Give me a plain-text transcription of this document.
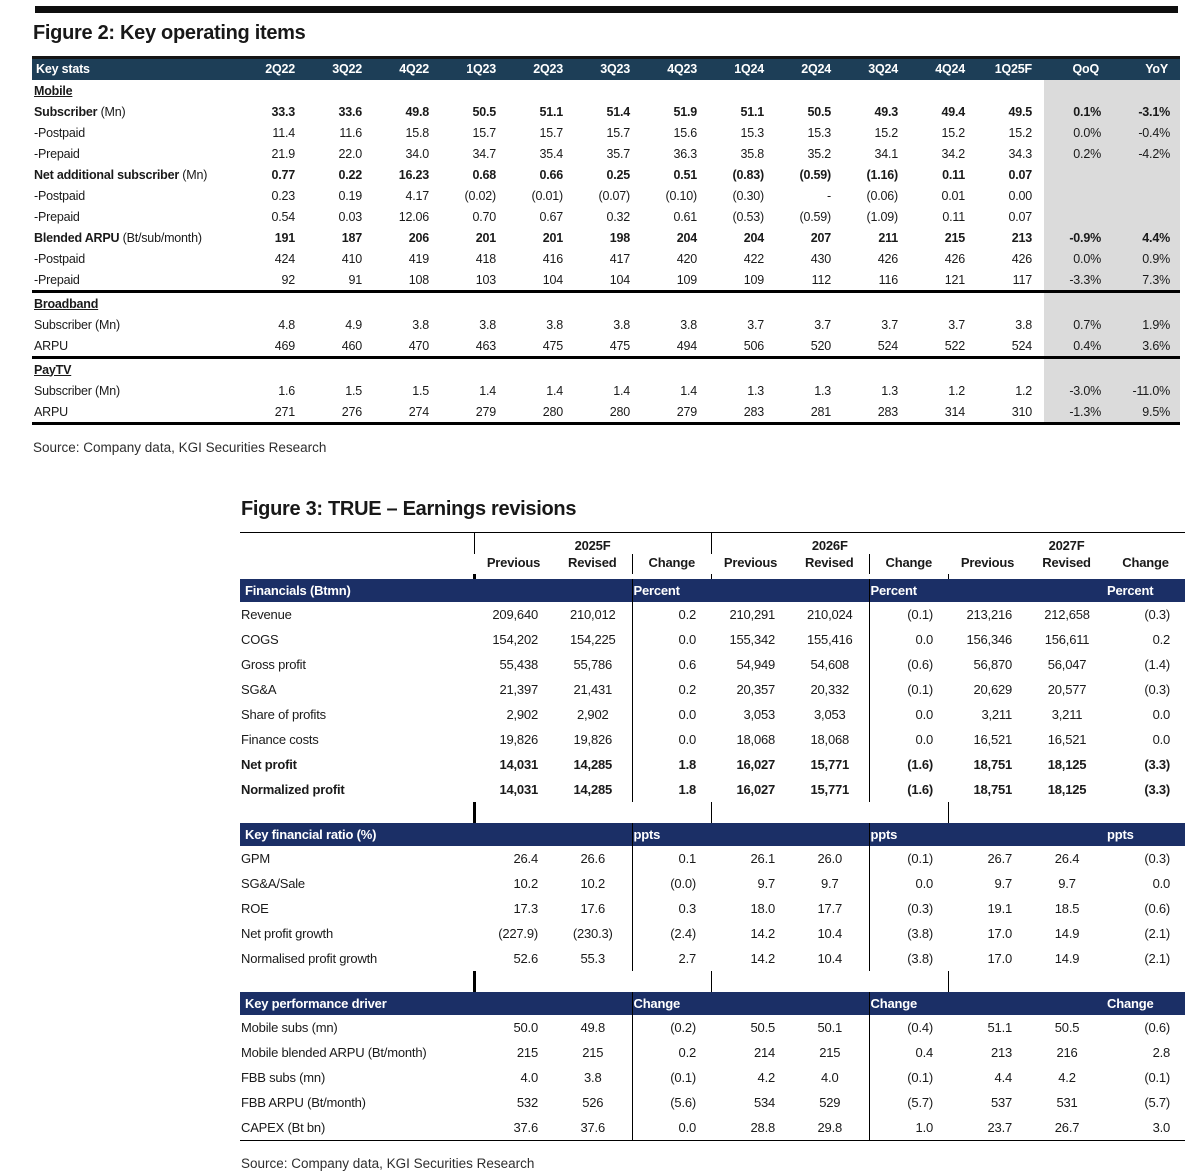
Figure 2: Key operating items
Key stats	2Q22	3Q22	4Q22	1Q23	2Q23	3Q23	4Q23	1Q24	2Q24	3Q24	4Q24	1Q25F	QoQ	YoY
Mobile														
Subscriber (Mn)	33.3	33.6	49.8	50.5	51.1	51.4	51.9	51.1	50.5	49.3	49.4	49.5	0.1%	-3.1%
-Postpaid	11.4	11.6	15.8	15.7	15.7	15.7	15.6	15.3	15.3	15.2	15.2	15.2	0.0%	-0.4%
-Prepaid	21.9	22.0	34.0	34.7	35.4	35.7	36.3	35.8	35.2	34.1	34.2	34.3	0.2%	-4.2%
Net additional subscriber (Mn)	0.77	0.22	16.23	0.68	0.66	0.25	0.51	(0.83)	(0.59)	(1.16)	0.11	0.07		
-Postpaid	0.23	0.19	4.17	(0.02)	(0.01)	(0.07)	(0.10)	(0.30)	-	(0.06)	0.01	0.00		
-Prepaid	0.54	0.03	12.06	0.70	0.67	0.32	0.61	(0.53)	(0.59)	(1.09)	0.11	0.07		
Blended ARPU (Bt/sub/month)	191	187	206	201	201	198	204	204	207	211	215	213	-0.9%	4.4%
-Postpaid	424	410	419	418	416	417	420	422	430	426	426	426	0.0%	0.9%
-Prepaid	92	91	108	103	104	104	109	109	112	116	121	117	-3.3%	7.3%
Broadband														
Subscriber (Mn)	4.8	4.9	3.8	3.8	3.8	3.8	3.8	3.7	3.7	3.7	3.7	3.8	0.7%	1.9%
ARPU	469	460	470	463	475	475	494	506	520	524	522	524	0.4%	3.6%
PayTV														
Subscriber (Mn)	1.6	1.5	1.5	1.4	1.4	1.4	1.4	1.3	1.3	1.3	1.2	1.2	-3.0%	-11.0%
ARPU	271	276	274	279	280	280	279	283	281	283	314	310	-1.3%	9.5%
Source: Company data, KGI Securities Research
Figure 3: TRUE – Earnings revisions
	2025F			2026F			2027F		
	Previous	Revised	Change	Previous	Revised	Change	Previous	Revised	Change

Financials (Btmn)			Percent			Percent			Percent
Revenue	209,640	210,012	0.2	210,291	210,024	(0.1)	213,216	212,658	(0.3)
COGS	154,202	154,225	0.0	155,342	155,416	0.0	156,346	156,611	0.2
Gross profit	55,438	55,786	0.6	54,949	54,608	(0.6)	56,870	56,047	(1.4)
SG&A	21,397	21,431	0.2	20,357	20,332	(0.1)	20,629	20,577	(0.3)
Share of profits	2,902	2,902	0.0	3,053	3,053	0.0	3,211	3,211	0.0
Finance costs	19,826	19,826	0.0	18,068	18,068	0.0	16,521	16,521	0.0
Net profit	14,031	14,285	1.8	16,027	15,771	(1.6)	18,751	18,125	(3.3)
Normalized profit	14,031	14,285	1.8	16,027	15,771	(1.6)	18,751	18,125	(3.3)

Key financial ratio (%)			ppts			ppts			ppts
GPM	26.4	26.6	0.1	26.1	26.0	(0.1)	26.7	26.4	(0.3)
SG&A/Sale	10.2	10.2	(0.0)	9.7	9.7	0.0	9.7	9.7	0.0
ROE	17.3	17.6	0.3	18.0	17.7	(0.3)	19.1	18.5	(0.6)
Net profit growth	(227.9)	(230.3)	(2.4)	14.2	10.4	(3.8)	17.0	14.9	(2.1)
Normalised profit growth	52.6	55.3	2.7	14.2	10.4	(3.8)	17.0	14.9	(2.1)

Key performance driver			Change			Change			Change
Mobile subs (mn)	50.0	49.8	(0.2)	50.5	50.1	(0.4)	51.1	50.5	(0.6)
Mobile blended ARPU (Bt/month)	215	215	0.2	214	215	0.4	213	216	2.8
FBB subs (mn)	4.0	3.8	(0.1)	4.2	4.0	(0.1)	4.4	4.2	(0.1)
FBB ARPU (Bt/month)	532	526	(5.6)	534	529	(5.7)	537	531	(5.7)
CAPEX (Bt bn)	37.6	37.6	0.0	28.8	29.8	1.0	23.7	26.7	3.0
Source: Company data, KGI Securities Research
